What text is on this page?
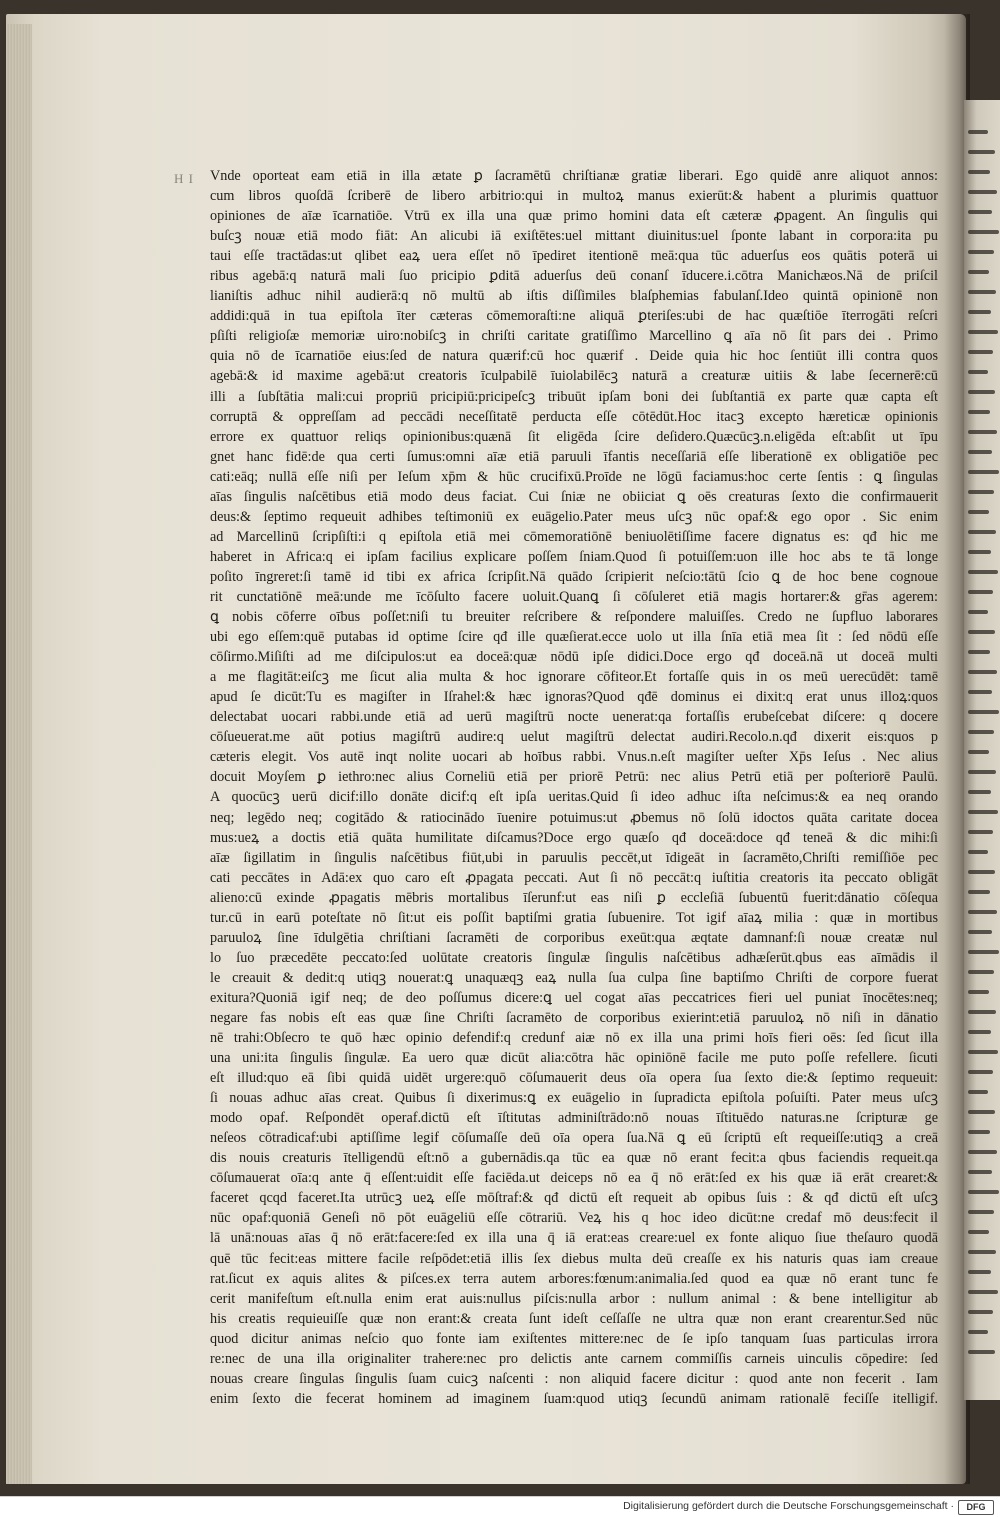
H I Vnde oporteat eam etiā in illa ætate ꝑ ſacramētū chriſtianæ gratiæ liberari. Ego quidē anre aliquot annos:
cum libros quoſdā ſcriberē de libero arbitrio:qui in multoꝝ manus exierūt:& habent a plurimis quattuor
opiniones de aīæ īcarnatiōe. Vtrū ex illa una quæ primo homini data eſt cæteræ ꝓpagent. An ſingulis qui
buſcꝫ nouæ etiā modo fiāt: An alicubi iā exiſtētes:uel mittant diuinitus:uel ſponte labant in corpora:ita pu
taui eſſe tractādas:ut qlibet eaꝝ uera eſſet nō īpediret itentionē meā:qua tūc aduerſus eos quātis poterā ui
ribus agebā:q naturā mali ſuo pricipio ꝑditā aduerſus deū conanſ īducere.i.cōtra Manichæos.Nā de priſcil
lianiſtis adhuc nihil audierā:q nō multū ab iſtis diſſimiles blaſphemias fabulanſ.Ideo quintā opinionē non
addidi:quā in tua epiſtola īter cæteras cōmemoraſti:ne aliquā ꝑteriſes:ubi de hac quæſtiōe īterrogāti reſcri
pſiſti religioſæ memoriæ uiro:nobiſcꝫ in chriſti caritate gratiſſimo Marcellino ꝗ aīa nō ſit pars dei . Primo
quia nō de īcarnatiōe eius:ſed de natura quærif:cū hoc quærif . Deide quia hic hoc ſentiūt illi contra quos
agebā:& id maxime agebā:ut creatoris īculpabilē īuiolabilēcꝫ naturā a creaturæ uitiis & labe ſecernerē:cū
illi a ſubſtātia mali:cui propriū pricipiū:pricipeſcꝫ tribuūt ipſam boni dei ſubſtantiā ex parte quæ capta eſt
corruptā & oppreſſam ad peccādi neceſſitatē perducta eſſe cōtēdūt.Hoc itacꝫ excepto hæreticæ opinionis
errore ex quattuor reliqs opinionibus:quænā ſit eligēda ſcire deſidero.Quæcūcꝫ.n.eligēda eſt:abſit ut īpu
gnet hanc fidē:de qua certi ſumus:omni aīæ etiā paruuli īfantis neceſſariā eſſe liberationē ex obligatiōe pec
cati:eāq; nullā eſſe niſi per Ieſum xp̄m & hūc crucifixū.Proīde ne lōgū faciamus:hoc certe ſentis : ꝗ ſingulas
aīas ſingulis naſcētibus etiā modo deus faciat. Cui ſniæ ne obiiciat ꝗ oēs creaturas ſexto die confirmauerit
deus:& ſeptimo requeuit adhibes teſtimoniū ex euāgelio.Pater meus uſcꝫ nūc opaf:& ego opor . Sic enim
ad Marcellinū ſcripſiſti:i q epiſtola etiā mei cōmemoratiōnē beniuolētiſſime facere dignatus es: qđ hic me
haberet in Africa:q ei ipſam facilius explicare poſſem ſniam.Quod ſi potuiſſem:uon ille hoc abs te tā longe
poſito īngreret:ſi tamē id tibi ex africa ſcripſit.Nā quādo ſcripierit neſcio:tātū ſcio ꝗ de hoc bene cognoue
rit cunctatiōnē meā:unde me īcōſulto facere uoluit.Quanꝗ ſi cōſuleret etiā magis hortarer:& gr̄as agerem:
ꝗ nobis cōferre oībus poſſet:niſi tu breuiter reſcribere & reſpondere maluiſſes. Credo ne ſupfluo laborares
ubi ego eſſem:quē putabas id optime ſcire qđ ille quæſierat.ecce uolo ut illa ſnīa etiā mea ſit : ſed nōdū eſſe
cōſirmo.Miſiſti ad me diſcipulos:ut ea doceā:quæ nōdū ipſe didici.Doce ergo qđ doceā.nā ut doceā multi
a me flagitāt:eiſcꝫ me ſicut alia multa & hoc ignorare cōfiteor.Et fortaſſe quis in os meū uerecūdēt: tamē
apud ſe dicūt:Tu es magiſter in Iſrahel:& hæc ignoras?Quod qđē dominus ei dixit:q erat unus illoꝝ:quos
delectabat uocari rabbi.unde etiā ad uerū magiſtrū nocte uenerat:qa fortaſſis erubeſcebat diſcere: q docere
cōſueuerat.me aūt potius magiſtrū audire:q uelut magiſtrū delectat audiri.Recolo.n.qđ dixerit eis:quos p
cæteris elegit. Vos autē inqt nolite uocari ab hoībus rabbi. Vnus.n.eſt magiſter ueſter Xp̄s Ieſus . Nec alius
docuit Moyſem ꝑ iethro:nec alius Corneliū etiā per priorē Petrū: nec alius Petrū etiā per poſteriorē Paulū.
A quocūcꝫ uerū dicif:illo donāte dicif:q eſt ipſa ueritas.Quid ſi ideo adhuc iſta neſcimus:& ea neq orando
neq; legēdo neq; cogitādo & ratiocinādo īuenire potuimus:ut ꝓbemus nō ſolū idoctos quāta caritate docea
mus:ueꝝ a doctis etiā quāta humilitate diſcamus?Doce ergo quæſo qđ doceā:doce qđ teneā & dic mihi:ſi
aīæ ſigillatim in ſingulis naſcētibus fiūt,ubi in paruulis peccēt,ut īdigeāt in ſacramēto,Chriſti remiſſiōe pec
cati peccātes in Adā:ex quo caro eſt ꝓpagata peccati. Aut ſi nō peccāt:q iuſtitia creatoris ita peccato obligāt
alieno:cū exinde ꝓpagatis mēbris mortalibus īſerunf:ut eas niſi ꝑ eccleſiā ſubuentū fuerit:dānatio cōſequa
tur.cū in earū poteſtate nō ſit:ut eis poſſit baptiſmi gratia ſubuenire. Tot igif aīaꝝ milia : quæ in mortibus
paruuloꝝ ſine īdulgētia chriſtiani ſacramēti de corporibus exeūt:qua æqtate damnanf:ſi nouæ creatæ nul
lo ſuo præcedēte peccato:ſed uolūtate creatoris ſingulæ ſingulis naſcētibus adhæſerūt.qbus eas aīmādis il
le creauit & dedit:q utiqꝫ nouerat:ꝗ unaquæqꝫ eaꝝ nulla ſua culpa ſine baptiſmo Chriſti de corpore fuerat
exitura?Quoniā igif neq; de deo poſſumus dicere:ꝗ uel cogat aīas peccatrices fieri uel puniat īnocētes:neq;
negare fas nobis eſt eas quæ ſine Chriſti ſacramēto de corporibus exierint:etiā paruuloꝝ nō niſi in dānatio
nē trahi:Obſecro te quō hæc opinio defendif:q credunf aiæ nō ex illa una primi hoīs fieri oēs: ſed ſicut illa
una uni:ita ſingulis ſingulæ. Ea uero quæ dicūt alia:cōtra hāc opiniōnē facile me puto poſſe refellere. ſicuti
eſt illud:quo eā ſibi quidā uidēt urgere:quō cōſumauerit deus oīa opera ſua ſexto die:& ſeptimo requeuit:
ſi nouas adhuc aīas creat. Quibus ſi dixerimus:ꝗ ex euāgelio in ſupradicta epiſtola poſuiſti. Pater meus uſcꝫ
modo opaf. Reſpondēt operaf.dictū eſt īſtitutas adminiſtrādo:nō nouas īſtituēdo naturas.ne ſcripturæ ge
neſeos cōtradicaf:ubi aptiſſime legif cōſumaſſe deū oīa opera ſua.Nā ꝗ eū ſcriptū eſt requeiſſe:utiqꝫ a creā
dis nouis creaturis ītelligendū eſt:nō a gubernādis.qa tūc ea quæ nō erant fecit:a qbus faciendis requeit.qa
cōſumauerat oīa:q ante q̄ eſſent:uidit eſſe faciēda.ut deiceps nō ea q̄ nō erāt:ſed ex his quæ iā erāt crearet:&
faceret qcqd faceret.Ita utrūcꝫ ueꝝ eſſe mōſtraf:& qđ dictū eſt requeit ab opibus ſuis : & qđ dictū eſt uſcꝫ
nūc opaf:quoniā Geneſi nō pōt euāgeliū eſſe cōtrariū. Veꝝ his q hoc ideo dicūt:ne credaf mō deus:fecit il
lā unā:nouas aīas q̄ nō erāt:facere:ſed ex illa una q̄ iā erat:eas creare:uel ex fonte aliquo ſiue theſauro quodā
quē tūc fecit:eas mittere facile reſpōdet:etiā illis ſex diebus multa deū creaſſe ex his naturis quas iam creaue
rat.ſicut ex aquis alites & piſces.ex terra autem arbores:fœnum:animalia.ſed quod ea quæ nō erant tunc fe
cerit manifeſtum eſt.nulla enim erat auis:nullus piſcis:nulla arbor : nullum animal : & bene intelligitur ab
his creatis requieuiſſe quæ non erant:& creata ſunt ideſt ceſſaſſe ne ultra quæ non erant crearentur.Sed nūc
quod dicitur animas neſcio quo fonte iam exiſtentes mittere:nec de ſe ipſo tanquam ſuas particulas irrora
re:nec de una illa originaliter trahere:nec pro delictis ante carnem commiſſis carneis uinculis cōpedire: ſed
nouas creare ſingulas ſingulis ſuam cuicꝫ naſcenti : non aliquid facere dicitur : quod ante non fecerit . Iam
enim ſexto die fecerat hominem ad imaginem ſuam:quod utiqꝫ ſecundū animam rationalē feciſſe itelligif.
Digitalisierung gefördert durch die Deutsche Forschungsgemeinschaft ·	DFG
